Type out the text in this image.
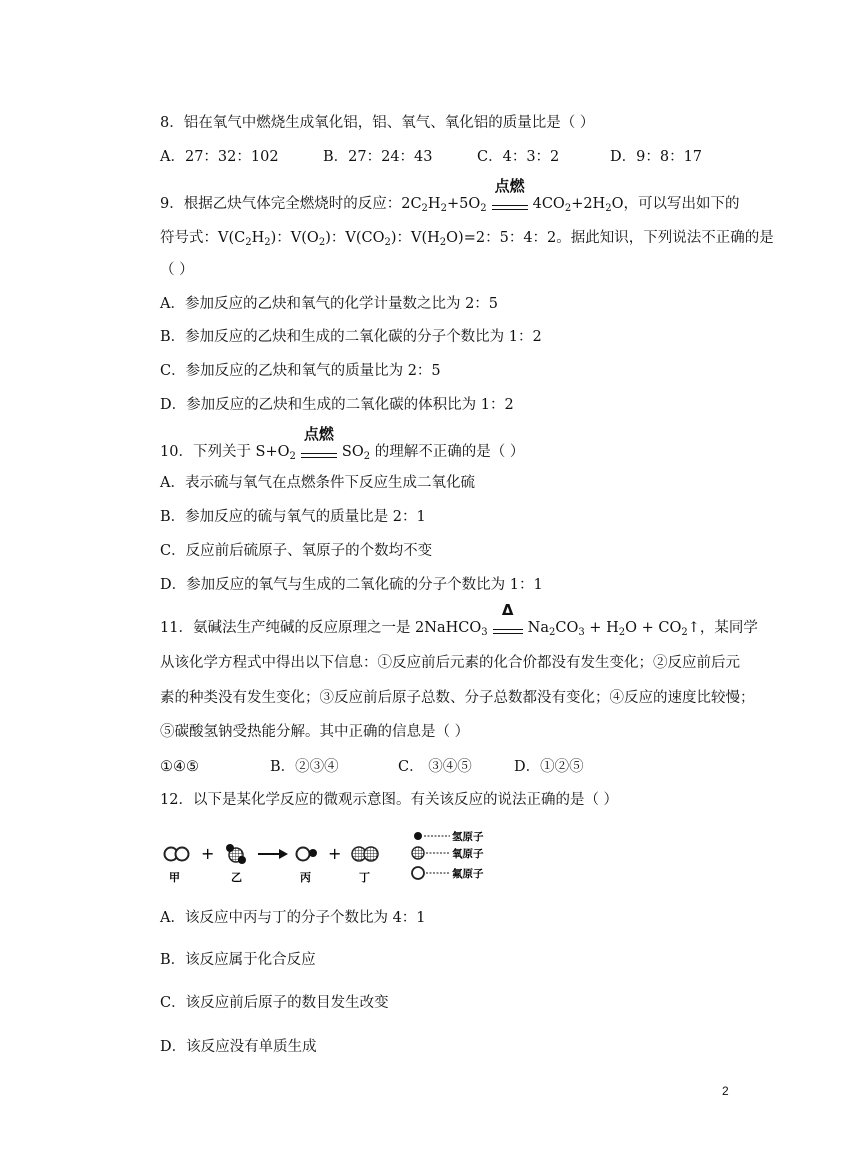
8．铝在氧气中燃烧生成氧化铝，铝、氧气、氧化铝的质量比是（ ）
A．27：32：102	B．27：24：43	C．4：3：2	D．9：8：17
9．根据乙炔气体完全燃烧时的反应：$2C_2H_2+5O_2$
点燃
$4CO_2+2H_2O$，可以写出如下的
符号式：$V(C_2H_2)$：$V(O_2)$：$V(CO_2)$：$V(H_2O)=2$：5：4：2。据此知识，下列说法不正确的是
（ ）
A．参加反应的乙炔和氧气的化学计量数之比为 2：5
B．参加反应的乙炔和生成的二氧化碳的分子个数比为 1：2
C．参加反应的乙炔和氧气的质量比为 2：5
D．参加反应的乙炔和生成的二氧化碳的体积比为 1：2
10．下列关于 $S+O_2$
点燃
$SO_2$ 的理解不正确的是（ ）
A．表示硫与氧气在点燃条件下反应生成二氧化硫
B．参加反应的硫与氧气的质量比是 2：1
C．反应前后硫原子、氧原子的个数均不变
D．参加反应的氧气与生成的二氧化硫的分子个数比为 1：1
11．氨碱法生产纯碱的反应原理之一是 2NaHCO$_3$
Δ
$Na_2CO_3 + H_2O$ + $CO_2↑$，某同学
从该化学方程式中得出以下信息：①反应前后元素的化合价都没有发生变化；②反应前后元
素的种类没有发生变化；③反应前后原子总数、分子总数都没有变化；④反应的速度比较慢；
⑤碳酸氢钠受热能分解。其中正确的信息是（ ）
①④⑤	B．②③④	C． ③④⑤	D．①②⑤
12．以下是某化学反应的微观示意图。有关该反应的说法正确的是（ ）
+	+
甲	乙	丙	丁
氢原子
氧原子
氟原子
A．该反应中丙与丁的分子个数比为 4：1
B．该反应属于化合反应
C．该反应前后原子的数目发生改变
D．该反应没有单质生成
2
